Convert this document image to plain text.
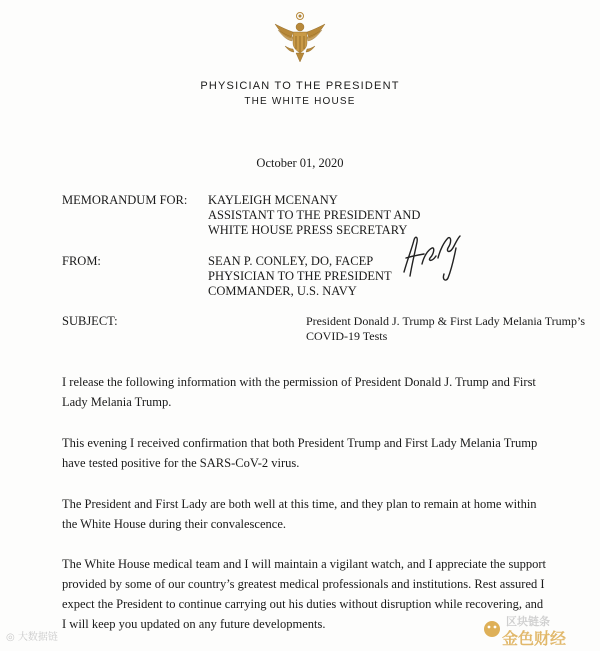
PHYSICIAN TO THE PRESIDENT
THE WHITE HOUSE
October 01, 2020
MEMORANDUM FOR: KAYLEIGH MCENANY
ASSISTANT TO THE PRESIDENT AND
WHITE HOUSE PRESS SECRETARY
FROM:	SEAN P. CONLEY, DO, FACEP
PHYSICIAN TO THE PRESIDENT
COMMANDER, U.S. NAVY
SUBJECT:	President Donald J. Trump & First Lady Melania Trump’s
COVID-19 Tests
I release the following information with the permission of President Donald J. Trump and First
Lady Melania Trump.
This evening I received confirmation that both President Trump and First Lady Melania Trump
have tested positive for the SARS-CoV-2 virus.
The President and First Lady are both well at this time, and they plan to remain at home within
the White House during their convalescence.
The White House medical team and I will maintain a vigilant watch, and I appreciate the support
provided by some of our country’s greatest medical professionals and institutions. Rest assured I
expect the President to continue carrying out his duties without disruption while recovering, and
I will keep you updated on any future developments.
◎ 大数据链
区块链条
金色财经
